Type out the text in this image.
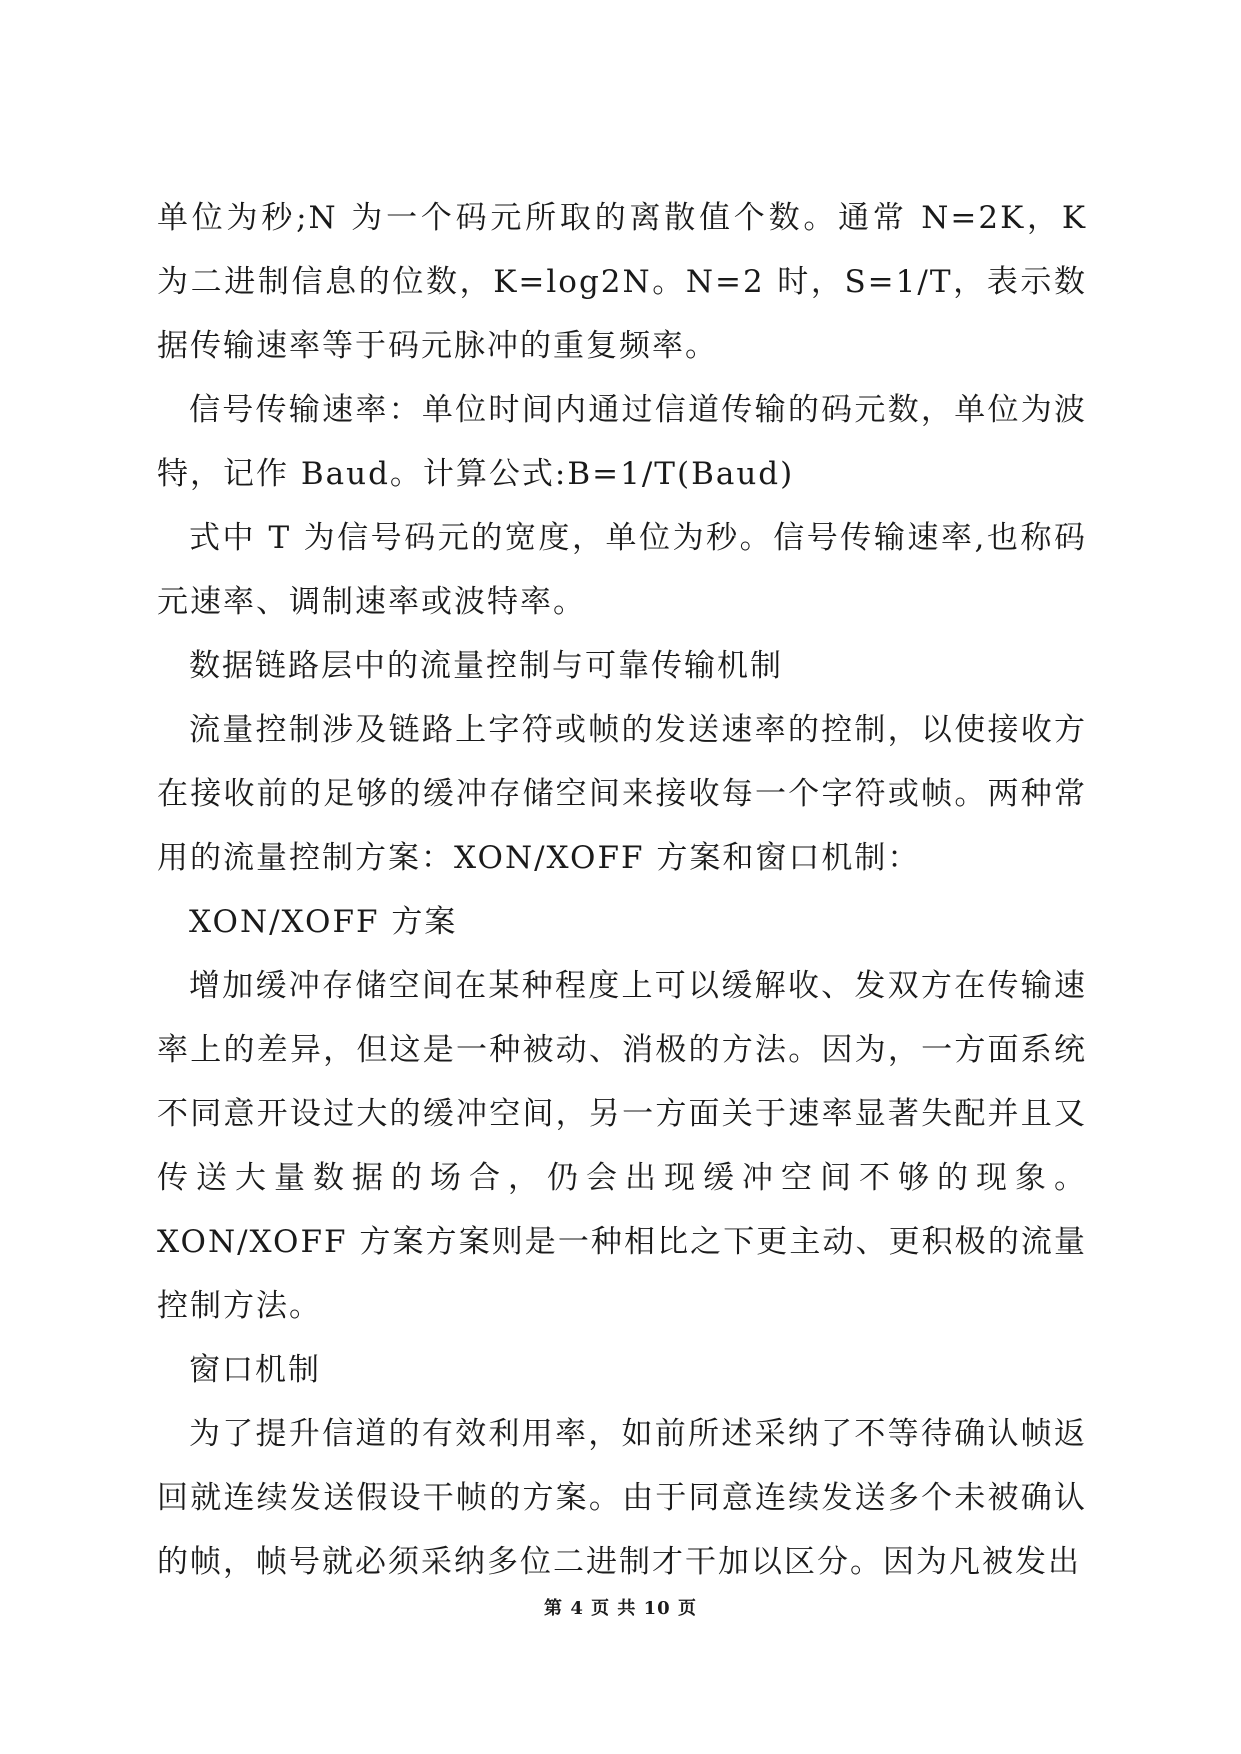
单位为秒;N 为一个码元所取的离散值个数。通常 N=2K，K 为二进制信息的位数，K=log2N。N=2 时，S=1/T，表示数据传输速率等于码元脉冲的重复频率。

信号传输速率：单位时间内通过信道传输的码元数，单位为波特，记作 Baud。计算公式:B=1/T(Baud)

式中 T 为信号码元的宽度，单位为秒。信号传输速率,也称码元速率、调制速率或波特率。

数据链路层中的流量控制与可靠传输机制

流量控制涉及链路上字符或帧的发送速率的控制，以使接收方在接收前的足够的缓冲存储空间来接收每一个字符或帧。两种常用的流量控制方案：XON/XOFF 方案和窗口机制：

XON/XOFF 方案

增加缓冲存储空间在某种程度上可以缓解收、发双方在传输速率上的差异，但这是一种被动、消极的方法。因为，一方面系统不同意开设过大的缓冲空间，另一方面关于速率显著失配并且又传送大量数据的场合，仍会出现缓冲空间不够的现象。XON/XOFF 方案方案则是一种相比之下更主动、更积极的流量控制方法。

窗口机制

为了提升信道的有效利用率，如前所述采纳了不等待确认帧返回就连续发送假设干帧的方案。由于同意连续发送多个未被确认的帧，帧号就必须采纳多位二进制才干加以区分。因为凡被发出

第 4 页 共 10 页
